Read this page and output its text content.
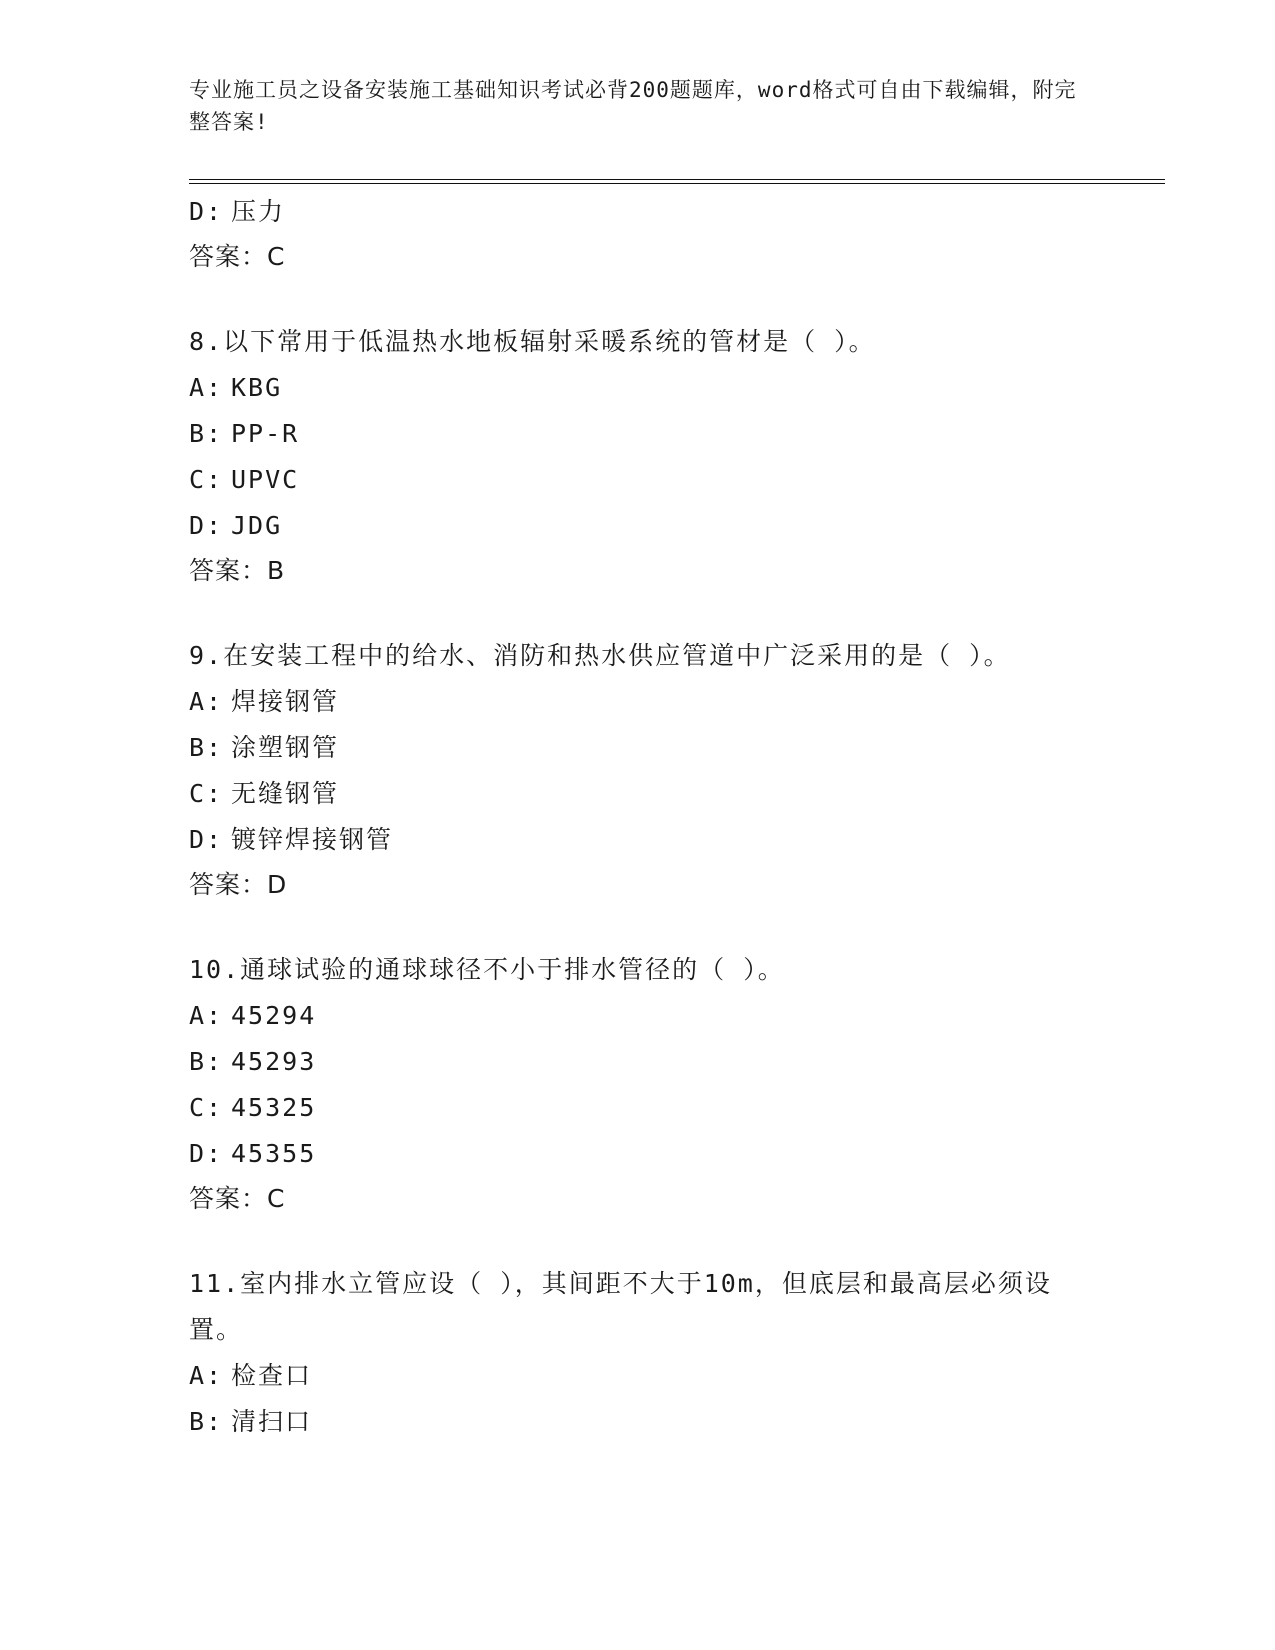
专业施工员之设备安装施工基础知识考试必背200题题库，word格式可自由下载编辑，附完整答案!
D: 压力
答案：C
8.以下常用于低温热水地板辐射采暖系统的管材是（ ）。
A: KBG
B: PP-R
C: UPVC
D: JDG
答案：B
9.在安装工程中的给水、消防和热水供应管道中广泛采用的是（ ）。
A: 焊接钢管
B: 涂塑钢管
C: 无缝钢管
D: 镀锌焊接钢管
答案：D
10.通球试验的通球球径不小于排水管径的（ ）。
A: 45294
B: 45293
C: 45325
D: 45355
答案：C
11.室内排水立管应设（ ），其间距不大于10m，但底层和最高层必须设置。
A: 检查口
B: 清扫口
